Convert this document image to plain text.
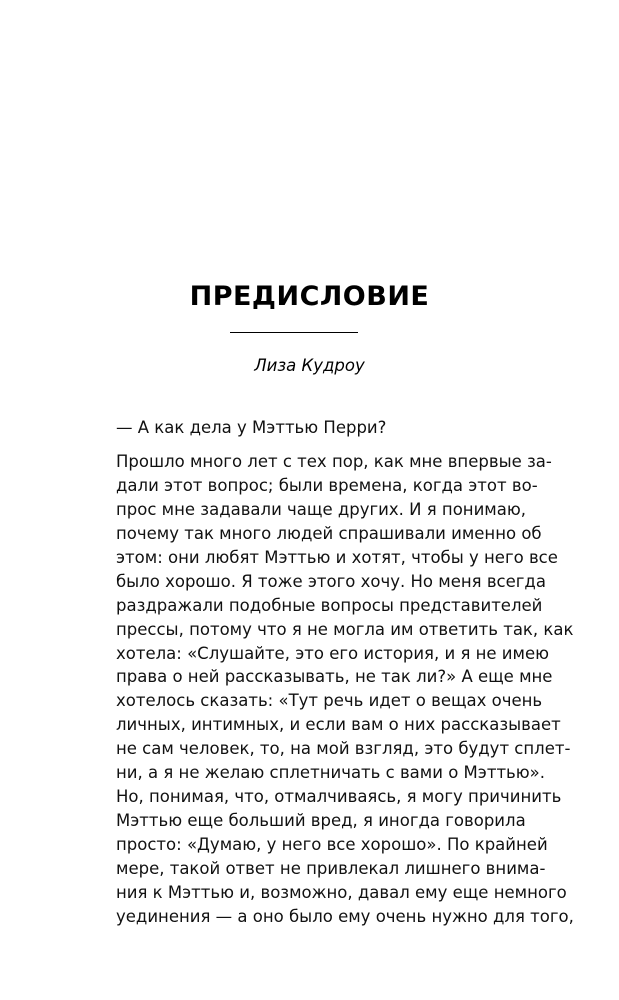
ПРЕДИСЛОВИЕ
Лиза Кудроу
— А как дела у Мэттью Перри?
Прошло много лет с тех пор, как мне впервые за-
дали этот вопрос; были времена, когда этот во-
прос мне задавали чаще других. И я понимаю,
почему так много людей спрашивали именно об
этом: они любят Мэттью и хотят, чтобы у него все
было хорошо. Я тоже этого хочу. Но меня всегда
раздражали подобные вопросы представителей
прессы, потому что я не могла им ответить так, как
хотела: «Слушайте, это его история, и я не имею
права о ней рассказывать, не так ли?» А еще мне
хотелось сказать: «Тут речь идет о вещах очень
личных, интимных, и если вам о них рассказывает
не сам человек, то, на мой взгляд, это будут сплет-
ни, а я не желаю сплетничать с вами о Мэттью».
Но, понимая, что, отмалчиваясь, я могу причинить
Мэттью еще больший вред, я иногда говорила
просто: «Думаю, у него все хорошо». По крайней
мере, такой ответ не привлекал лишнего внима-
ния к Мэттью и, возможно, давал ему еще немного
уединения — а оно было ему очень нужно для того,
